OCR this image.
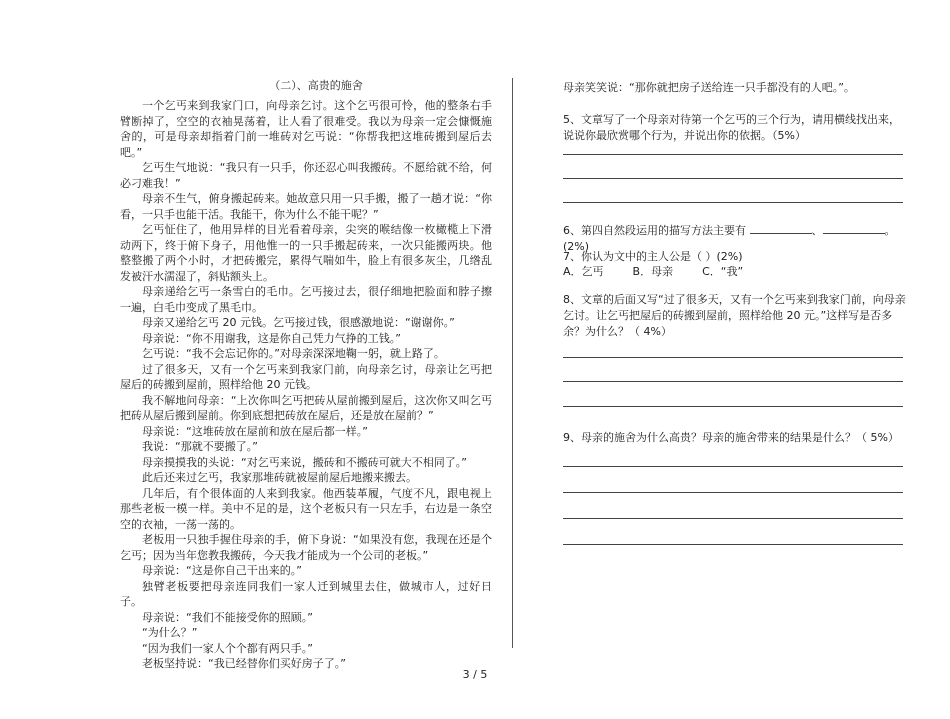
（二）、高贵的施舍

一个乞丐来到我家门口，向母亲乞讨。这个乞丐很可怜，他的整条右手臂断掉了，空空的衣袖晃荡着，让人看了很难受。我以为母亲一定会慷慨施舍的，可是母亲却指着门前一堆砖对乞丐说：“你帮我把这堆砖搬到屋后去吧。”

乞丐生气地说：“我只有一只手，你还忍心叫我搬砖。不愿给就不给，何必刁难我！”

母亲不生气，俯身搬起砖来。她故意只用一只手搬，搬了一趟才说：“你看，一只手也能干活。我能干，你为什么不能干呢？”

乞丐怔住了，他用异样的目光看着母亲，尖突的喉结像一枚橄榄上下滑动两下，终于俯下身子，用他惟一的一只手搬起砖来，一次只能搬两块。他整整搬了两个小时，才把砖搬完，累得气喘如牛，脸上有很多灰尘，几绺乱发被汗水濡湿了，斜贴额头上。

母亲递给乞丐一条雪白的毛巾。乞丐接过去，很仔细地把脸面和脖子擦一遍，白毛巾变成了黑毛巾。

母亲又递给乞丐 20 元钱。乞丐接过钱，很感激地说：“谢谢你。”

母亲说：“你不用谢我，这是你自己凭力气挣的工钱。”

乞丐说：“我不会忘记你的。”对母亲深深地鞠一躬，就上路了。

过了很多天，又有一个乞丐来到我家门前，向母亲乞讨，母亲让乞丐把屋后的砖搬到屋前，照样给他 20 元钱。

我不解地问母亲：“上次你叫乞丐把砖从屋前搬到屋后，这次你又叫乞丐把砖从屋后搬到屋前。你到底想把砖放在屋后，还是放在屋前？”

母亲说：“这堆砖放在屋前和放在屋后都一样。”

我说：“那就不要搬了。”

母亲摸摸我的头说：“对乞丐来说，搬砖和不搬砖可就大不相同了。”

此后还来过乞丐，我家那堆砖就被屋前屋后地搬来搬去。

几年后，有个很体面的人来到我家。他西装革履，气度不凡，跟电视上那些老板一模一样。美中不足的是，这个老板只有一只左手，右边是一条空空的衣袖，一荡一荡的。

老板用一只独手握住母亲的手，俯下身说：“如果没有您，我现在还是个乞丐；因为当年您教我搬砖，今天我才能成为一个公司的老板。”

母亲说：“这是你自己干出来的。”

独臂老板要把母亲连同我们一家人迁到城里去住，做城市人，过好日子。

母亲说：“我们不能接受你的照顾。”

“为什么？”

“因为我们一家人个个都有两只手。”

老板坚持说：“我已经替你们买好房子了。”

母亲笑笑说：“那你就把房子送给连一只手都没有的人吧。”。

5、文章写了一个母亲对待第一个乞丐的三个行为，请用横线找出来，说说你最欣赏哪个行为，并说出你的依据。（5%）

6、第四自然段运用的描写方法主要有	、	。(2%)

7、你认为文中的主人公是（ ）(2%)

A．乞丐	B．母亲	C．“我”

8、文章的后面又写“过了很多天，又有一个乞丐来到我家门前，向母亲乞讨。让乞丐把屋后的砖搬到屋前，照样给他 20 元。”这样写是否多余？为什么？（ 4%）

9、母亲的施舍为什么高贵？母亲的施舍带来的结果是什么？（ 5%）

3 / 5
